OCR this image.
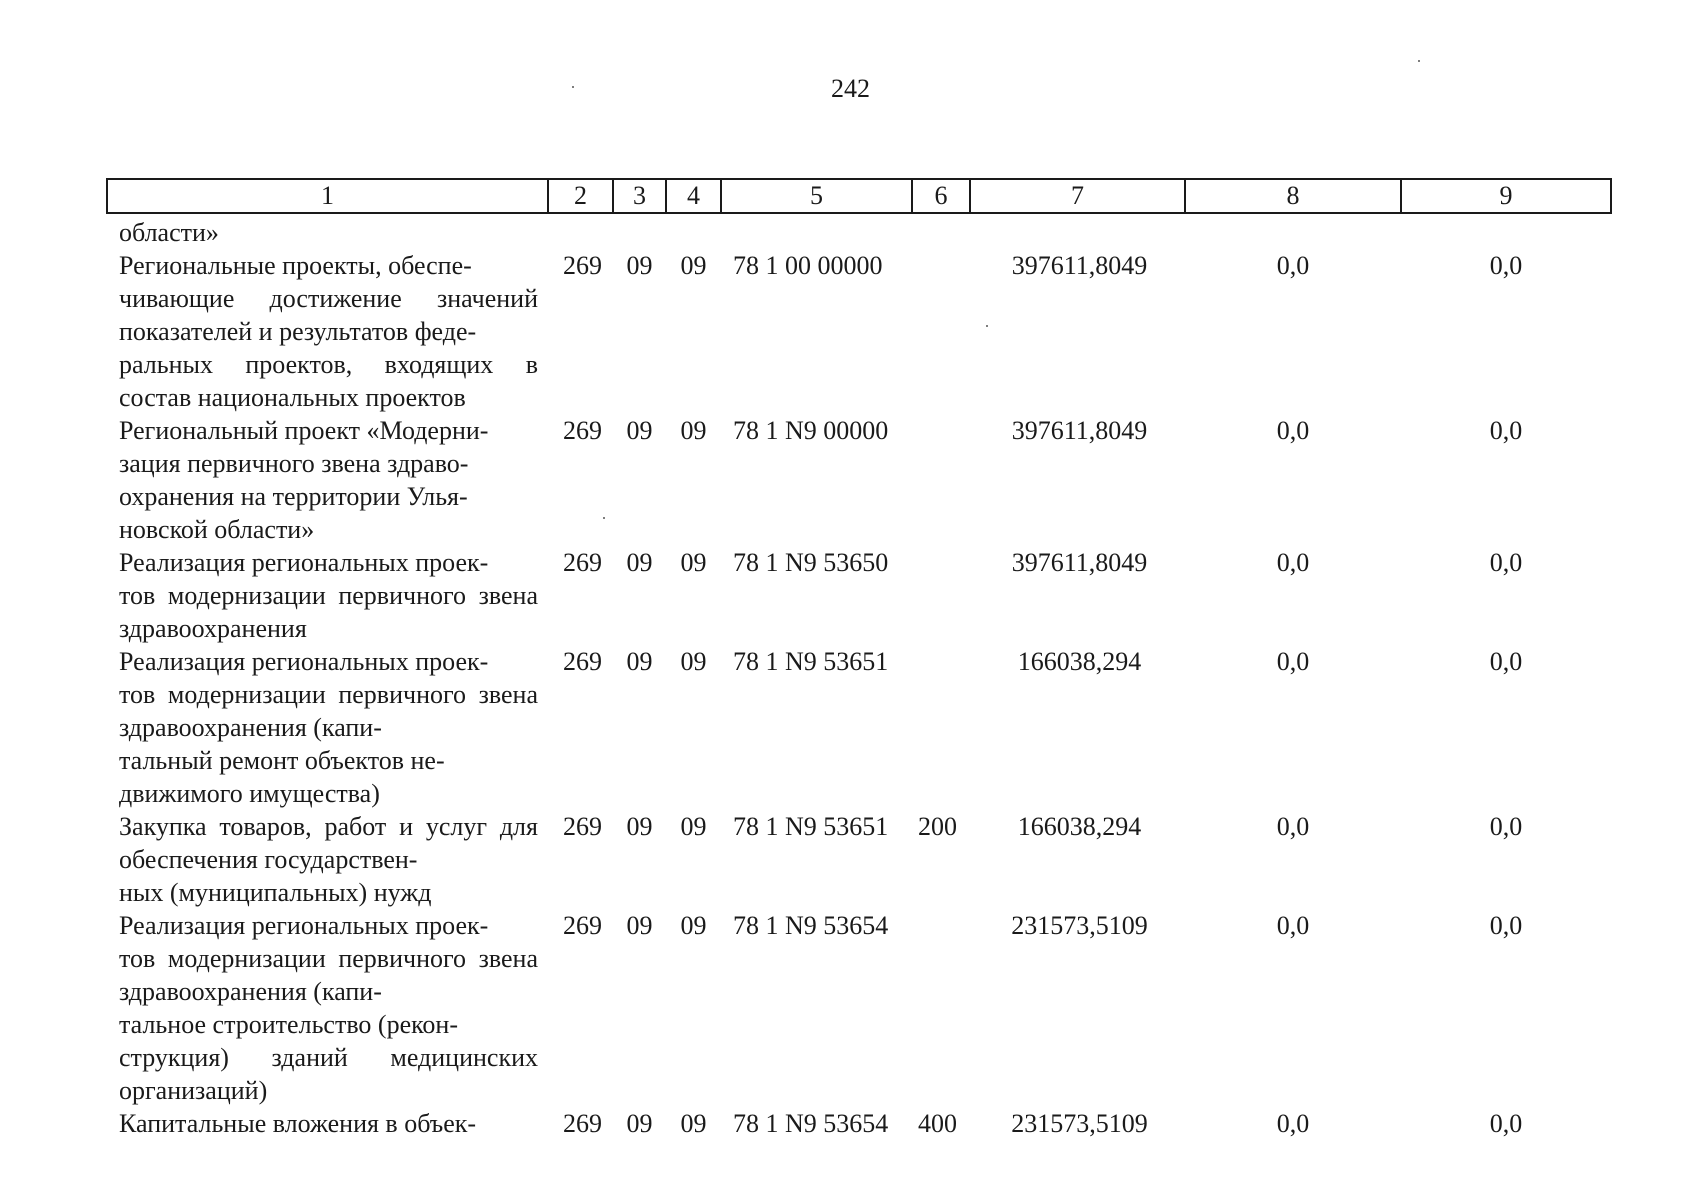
242
1	2	3	4	5	6	7	8	9
области»								
Региональные проекты, обеспе-
чивающие достижение значений показателей и результатов феде-
ральных проектов, входящих в состав национальных проектов	269	09	09	78 1 00 00000		397611,8049	0,0	0,0
Региональный проект «Модерни-
зация первичного звена здраво-
охранения на территории Улья-
новской области»	269	09	09	78 1 N9 00000		397611,8049	0,0	0,0
Реализация региональных проек-
тов модернизации первичного звена здравоохранения	269	09	09	78 1 N9 53650		397611,8049	0,0	0,0
Реализация региональных проек-
тов модернизации первичного звена здравоохранения (капи-
тальный ремонт объектов не-
движимого имущества)	269	09	09	78 1 N9 53651		166038,294	0,0	0,0
Закупка товаров, работ и услуг для обеспечения государствен-
ных (муниципальных) нужд	269	09	09	78 1 N9 53651	200	166038,294	0,0	0,0
Реализация региональных проек-
тов модернизации первичного звена здравоохранения (капи-
тальное строительство (рекон-
струкция) зданий медицинских организаций)	269	09	09	78 1 N9 53654		231573,5109	0,0	0,0
Капитальные вложения в объек-	269	09	09	78 1 N9 53654	400	231573,5109	0,0	0,0
